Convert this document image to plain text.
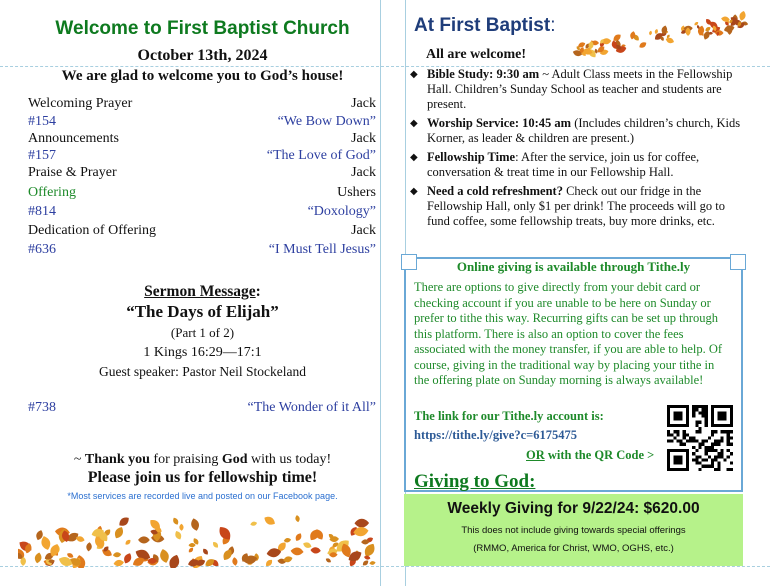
Welcome to First Baptist Church
October 13th, 2024
We are glad to welcome you to God’s house!
Welcoming Prayer	Jack
#154	“We Bow Down”
Announcements	Jack
#157	“The Love of God”
Praise & Prayer	Jack
Offering	Ushers
#814	“Doxology”
Dedication of Offering	Jack
#636	“I Must Tell Jesus”
Sermon Message:
“The Days of Elijah”
(Part 1 of 2)
1 Kings 16:29—17:1
Guest speaker: Pastor Neil Stockeland
#738	“The Wonder of it All”
~ Thank you for praising God with us today!
Please join us for fellowship time!
*Most services are recorded live and posted on our Facebook page.
At First Baptist:
All are welcome!
◆ Bible Study: 9:30 am ~ Adult Class meets in the Fellowship Hall. Children’s Sunday School as teacher and students are present.
◆ Worship Service: 10:45 am (Includes children’s church, Kids Korner, as leader & children are present.)
◆ Fellowship Time: After the service, join us for coffee, conversation & treat time in our Fellowship Hall.
◆ Need a cold refreshment? Check out our fridge in the Fellowship Hall, only $1 per drink! The proceeds will go to fund coffee, some fellowship treats, buy more drinks, etc.
Online giving is available through Tithe.ly
There are options to give directly from your debit card or checking account if you are unable to be here on Sunday or prefer to tithe this way. Recurring gifts can be set up through this platform. There is also an option to cover the fees associated with the money transfer, if you are able to help. Of course, giving in the traditional way by placing your tithe in the offering plate on Sunday morning is always available!
The link for our Tithe.ly account is:
https://tithe.ly/give?c=6175475
OR with the QR Code >
Giving to God:
Weekly Giving for 9/22/24: $620.00
This does not include giving towards special offerings
(RMMO, America for Christ, WMO, OGHS, etc.)
